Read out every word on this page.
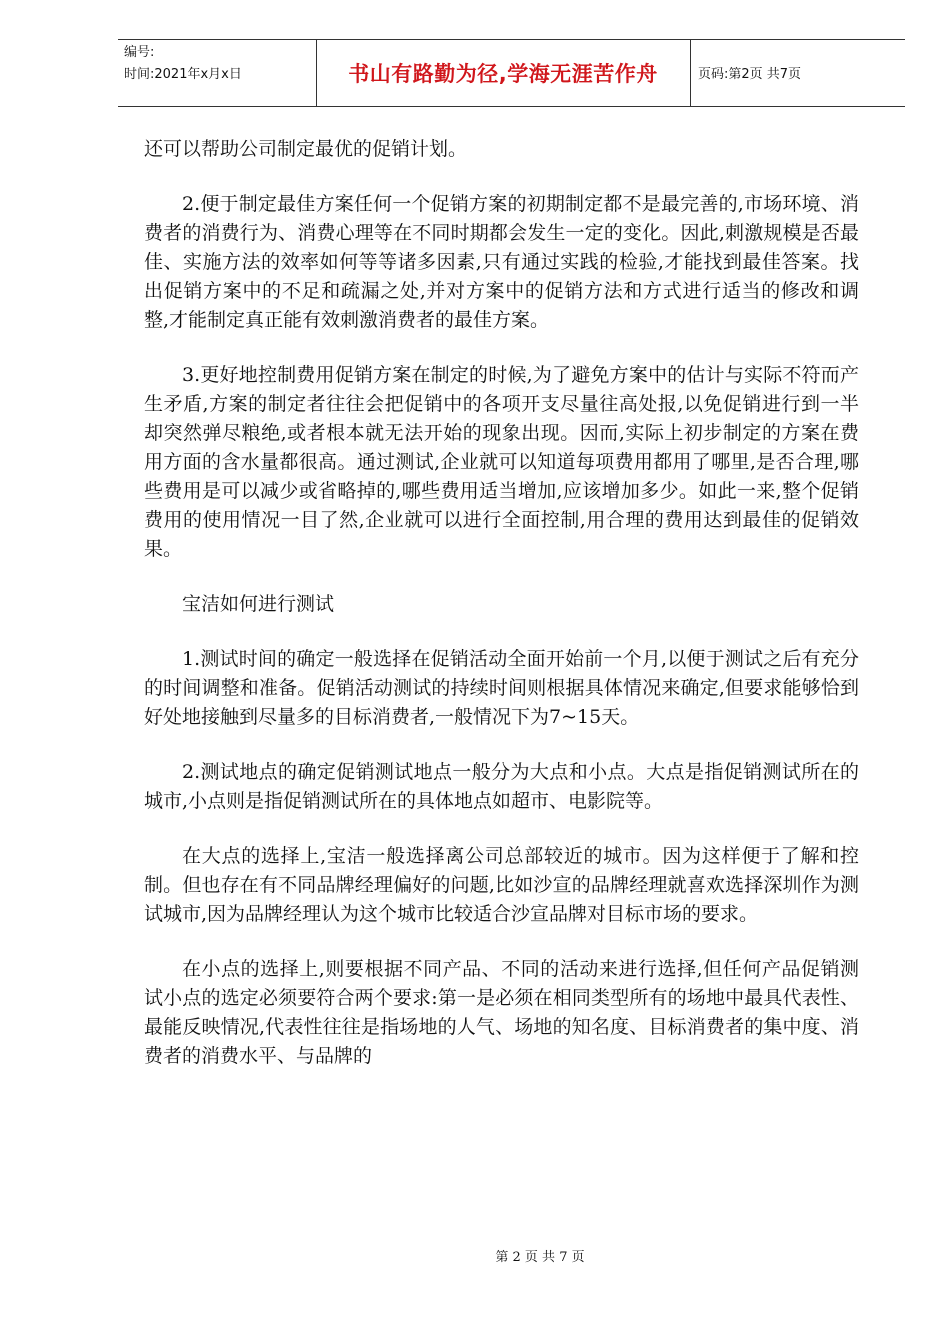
编号:
时间:2021年x月x日	书山有路勤为径,学海无涯苦作舟	页码:第2页 共7页

还可以帮助公司制定最优的促销计划。

2.便于制定最佳方案任何一个促销方案的初期制定都不是最完善的,市场环境、消费者的消费行为、消费心理等在不同时期都会发生一定的变化。因此,刺激规模是否最佳、实施方法的效率如何等等诸多因素,只有通过实践的检验,才能找到最佳答案。找出促销方案中的不足和疏漏之处,并对方案中的促销方法和方式进行适当的修改和调整,才能制定真正能有效刺激消费者的最佳方案。

3.更好地控制费用促销方案在制定的时候,为了避免方案中的估计与实际不符而产生矛盾,方案的制定者往往会把促销中的各项开支尽量往高处报,以免促销进行到一半却突然弹尽粮绝,或者根本就无法开始的现象出现。因而,实际上初步制定的方案在费用方面的含水量都很高。通过测试,企业就可以知道每项费用都用了哪里,是否合理,哪些费用是可以减少或省略掉的,哪些费用适当增加,应该增加多少。如此一来,整个促销费用的使用情况一目了然,企业就可以进行全面控制,用合理的费用达到最佳的促销效果。

宝洁如何进行测试

1.测试时间的确定一般选择在促销活动全面开始前一个月,以便于测试之后有充分的时间调整和准备。促销活动测试的持续时间则根据具体情况来确定,但要求能够恰到好处地接触到尽量多的目标消费者,一般情况下为7~15天。

2.测试地点的确定促销测试地点一般分为大点和小点。大点是指促销测试所在的城市,小点则是指促销测试所在的具体地点如超市、电影院等。

在大点的选择上,宝洁一般选择离公司总部较近的城市。因为这样便于了解和控制。但也存在有不同品牌经理偏好的问题,比如沙宣的品牌经理就喜欢选择深圳作为测试城市,因为品牌经理认为这个城市比较适合沙宣品牌对目标市场的要求。

在小点的选择上,则要根据不同产品、不同的活动来进行选择,但任何产品促销测试小点的选定必须要符合两个要求:第一是必须在相同类型所有的场地中最具代表性、最能反映情况,代表性往往是指场地的人气、场地的知名度、目标消费者的集中度、消费者的消费水平、与品牌的

第 2 页 共 7 页
